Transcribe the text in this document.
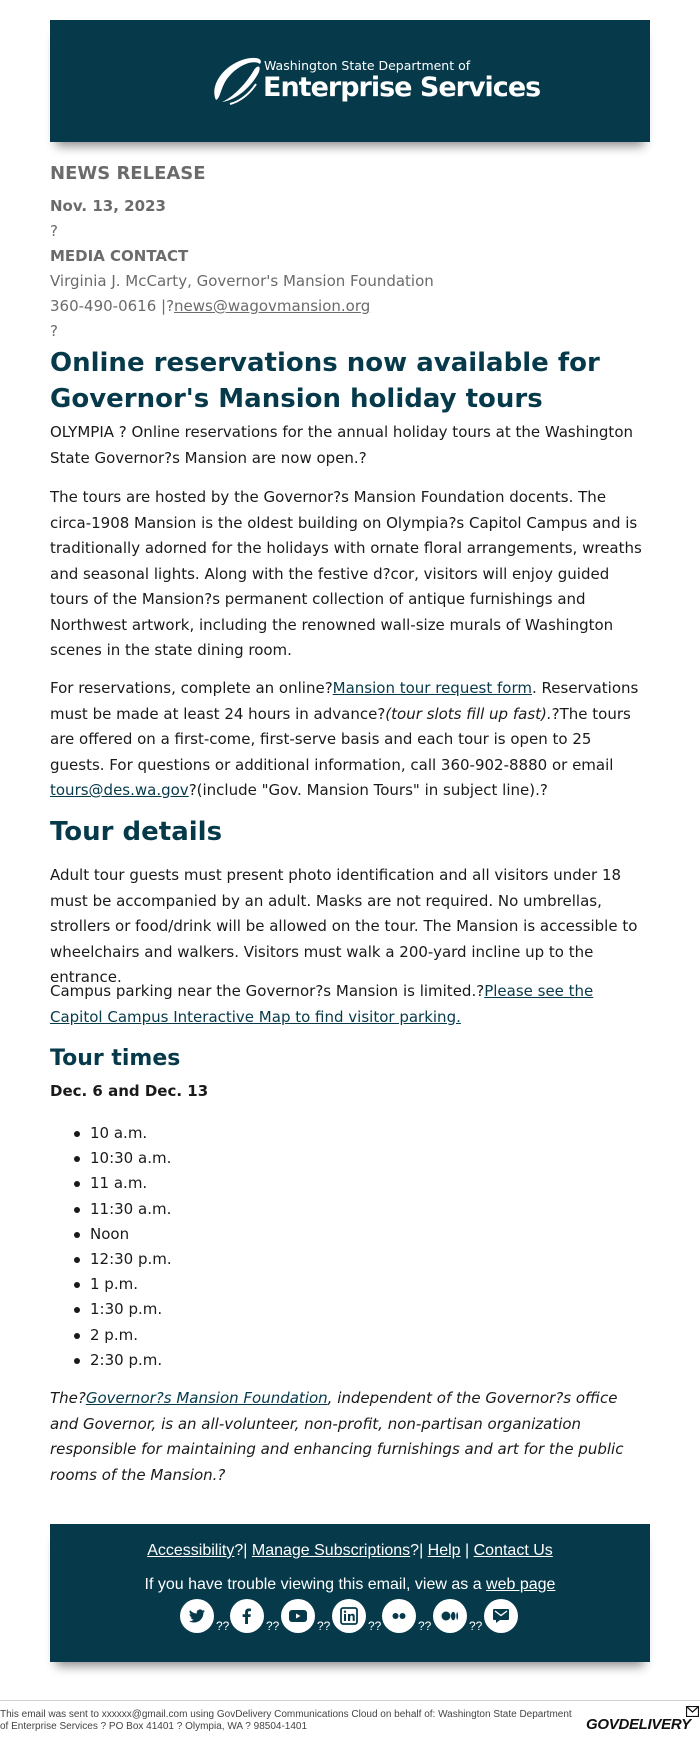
Washington State Department of
Enterprise Services
NEWS RELEASE
Nov. 13, 2023
?
MEDIA CONTACT
Virginia J. McCarty, Governor's Mansion Foundation
360-490-0616 |?news@wagovmansion.org
?
Online reservations now available for Governor's Mansion holiday tours
OLYMPIA ? Online reservations for the annual holiday tours at the Washington State Governor?s Mansion are now open.?
The tours are hosted by the Governor?s Mansion Foundation docents. The circa-1908 Mansion is the oldest building on Olympia?s Capitol Campus and is traditionally adorned for the holidays with ornate floral arrangements, wreaths and seasonal lights. Along with the festive d?cor, visitors will enjoy guided tours of the Mansion?s permanent collection of antique furnishings and Northwest artwork, including the renowned wall-size murals of Washington scenes in the state dining room.
For reservations, complete an online?Mansion tour request form. Reservations must be made at least 24 hours in advance?(tour slots fill up fast).?The tours are offered on a first-come, first-serve basis and each tour is open to 25 guests. For questions or additional information, call 360-902-8880 or email tours@des.wa.gov?(include "Gov. Mansion Tours" in subject line).?
Tour details
Adult tour guests must present photo identification and all visitors under 18 must be accompanied by an adult. Masks are not required. No umbrellas, strollers or food/drink will be allowed on the tour. The Mansion is accessible to wheelchairs and walkers. Visitors must walk a 200-yard incline up to the entrance.
Campus parking near the Governor?s Mansion is limited.?Please see the Capitol Campus Interactive Map to find visitor parking.
Tour times
Dec. 6 and Dec. 13
10 a.m.
10:30 a.m.
11 a.m.
11:30 a.m.
Noon
12:30 p.m.
1 p.m.
1:30 p.m.
2 p.m.
2:30 p.m.
The?Governor?s Mansion Foundation, independent of the Governor?s office and Governor, is an all-volunteer, non-profit, non-partisan organization responsible for maintaining and enhancing furnishings and art for the public rooms of the Mansion.?
Accessibility?| Manage Subscriptions?| Help | Contact Us
If you have trouble viewing this email, view as a web page
??	??	??	??	??	??
This email was sent to xxxxxx@gmail.com using GovDelivery Communications Cloud on behalf of: Washington State Department of Enterprise Services ? PO Box 41401 ? Olympia, WA ? 98504-1401	GOVDELIVERY
